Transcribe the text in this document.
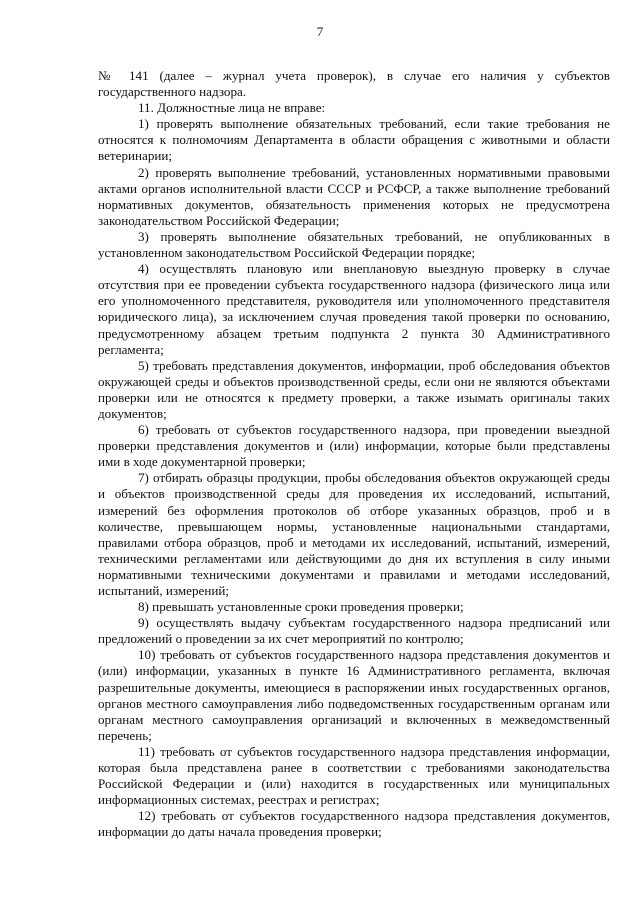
7

№ 141 (далее – журнал учета проверок), в случае его наличия у субъектов государственного надзора.

11. Должностные лица не вправе:

1) проверять выполнение обязательных требований, если такие требования не относятся к полномочиям Департамента в области обращения с животными и области ветеринарии;

2) проверять выполнение требований, установленных нормативными правовыми актами органов исполнительной власти СССР и РСФСР, а также выполнение требований нормативных документов, обязательность применения которых не предусмотрена законодательством Российской Федерации;

3) проверять выполнение обязательных требований, не опубликованных в установленном законодательством Российской Федерации порядке;

4) осуществлять плановую или внеплановую выездную проверку в случае отсутствия при ее проведении субъекта государственного надзора (физического лица или его уполномоченного представителя, руководителя или уполномоченного представителя юридического лица), за исключением случая проведения такой проверки по основанию, предусмотренному абзацем третьим подпункта 2 пункта 30 Административного регламента;

5) требовать представления документов, информации, проб обследования объектов окружающей среды и объектов производственной среды, если они не являются объектами проверки или не относятся к предмету проверки, а также изымать оригиналы таких документов;

6) требовать от субъектов государственного надзора, при проведении выездной проверки представления документов и (или) информации, которые были представлены ими в ходе документарной проверки;

7) отбирать образцы продукции, пробы обследования объектов окружающей среды и объектов производственной среды для проведения их исследований, испытаний, измерений без оформления протоколов об отборе указанных образцов, проб и в количестве, превышающем нормы, установленные национальными стандартами, правилами отбора образцов, проб и методами их исследований, испытаний, измерений, техническими регламентами или действующими до дня их вступления в силу иными нормативными техническими документами и правилами и методами исследований, испытаний, измерений;

8) превышать установленные сроки проведения проверки;

9) осуществлять выдачу субъектам государственного надзора предписаний или предложений о проведении за их счет мероприятий по контролю;

10) требовать от субъектов государственного надзора представления документов и (или) информации, указанных в пункте 16 Административного регламента, включая разрешительные документы, имеющиеся в распоряжении иных государственных органов, органов местного самоуправления либо подведомственных государственным органам или органам местного самоуправления организаций и включенных в межведомственный перечень;

11) требовать от субъектов государственного надзора представления информации, которая была представлена ранее в соответствии с требованиями законодательства Российской Федерации и (или) находится в государственных или муниципальных информационных системах, реестрах и регистрах;

12) требовать от субъектов государственного надзора представления документов, информации до даты начала проведения проверки;
